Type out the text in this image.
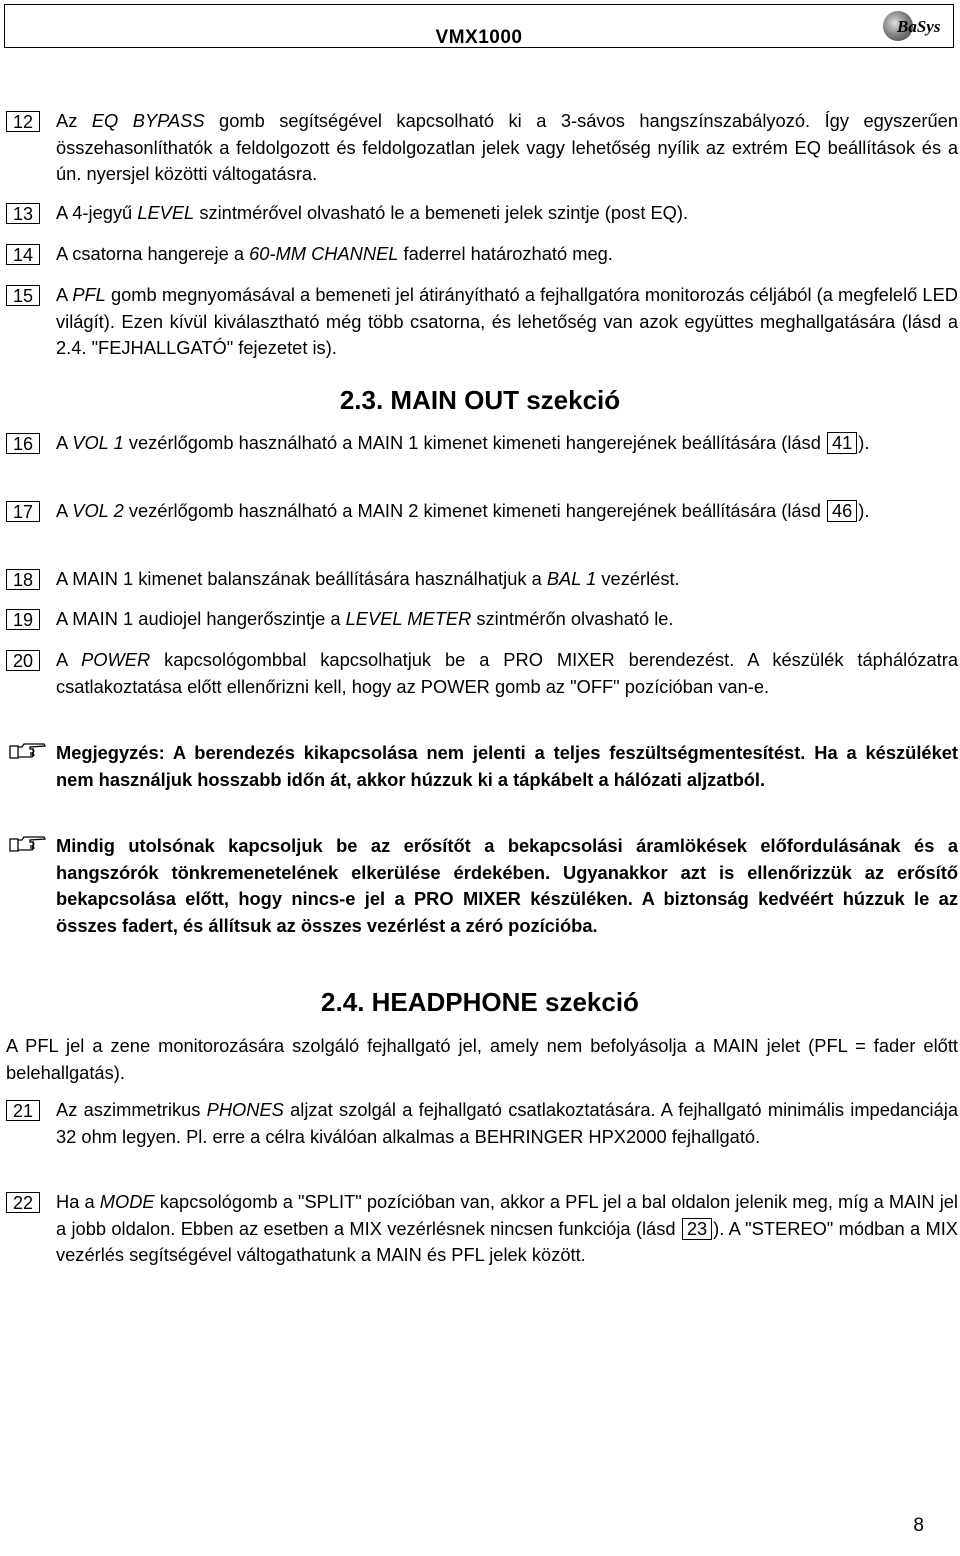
VMX1000
BaSys
12	Az EQ BYPASS gomb segítségével kapcsolható ki a 3-sávos hangszínszabályozó. Így egyszerűen összehasonlíthatók a feldolgozott és feldolgozatlan jelek vagy lehetőség nyílik az extrém EQ beállítások és a ún. nyersjel közötti váltogatásra.
13	A 4-jegyű LEVEL szintmérővel olvasható le a bemeneti jelek szintje (post EQ).
14	A csatorna hangereje a 60-MM CHANNEL faderrel határozható meg.
15	A PFL gomb megnyomásával a bemeneti jel átirányítható a fejhallgatóra monitorozás céljából (a megfelelő LED világít). Ezen kívül kiválasztható még több csatorna, és lehetőség van azok együttes meghallgatására (lásd a 2.4. "FEJHALLGATÓ" fejezetet is).
2.3. MAIN OUT szekció
16	A VOL 1 vezérlőgomb használható a MAIN 1 kimenet kimeneti hangerejének beállítására (lásd 41 ).
17	A VOL 2 vezérlőgomb használható a MAIN 2 kimenet kimeneti hangerejének beállítására (lásd 46 ).
18	A MAIN 1 kimenet balanszának beállítására használhatjuk a BAL 1 vezérlést.
19	A MAIN 1 audiojel hangerőszintje a LEVEL METER szintmérőn olvasható le.
20	A POWER kapcsológombbal kapcsolhatjuk be a PRO MIXER berendezést. A készülék táphálózatra csatlakoztatása előtt ellenőrizni kell, hogy az POWER gomb az "OFF" pozícióban van-e.
Megjegyzés: A berendezés kikapcsolása nem jelenti a teljes feszültségmentesítést. Ha a készüléket nem használjuk hosszabb időn át, akkor húzzuk ki a tápkábelt a hálózati aljzatból.
Mindig utolsónak kapcsoljuk be az erősítőt a bekapcsolási áramlökések előfordulásának és a hangszórók tönkremenetelének elkerülése érdekében. Ugyanakkor azt is ellenőrizzük az erősítő bekapcsolása előtt, hogy nincs-e jel a PRO MIXER készüléken. A biztonság kedvéért húzzuk le az összes fadert, és állítsuk az összes vezérlést a zéró pozícióba.
2.4. HEADPHONE szekció
A PFL jel a zene monitorozására szolgáló fejhallgató jel, amely nem befolyásolja a MAIN jelet (PFL = fader előtt belehallgatás).
21	Az aszimmetrikus PHONES aljzat szolgál a fejhallgató csatlakoztatására. A fejhallgató minimális impedanciája 32 ohm legyen. Pl. erre a célra kiválóan alkalmas a BEHRINGER HPX2000 fejhallgató.
22	Ha a MODE kapcsológomb a "SPLIT" pozícióban van, akkor a PFL jel a bal oldalon jelenik meg, míg a MAIN jel a jobb oldalon. Ebben az esetben a MIX vezérlésnek nincsen funkciója (lásd 23 ). A "STEREO" módban a MIX vezérlés segítségével váltogathatunk a MAIN és PFL jelek között.
8
